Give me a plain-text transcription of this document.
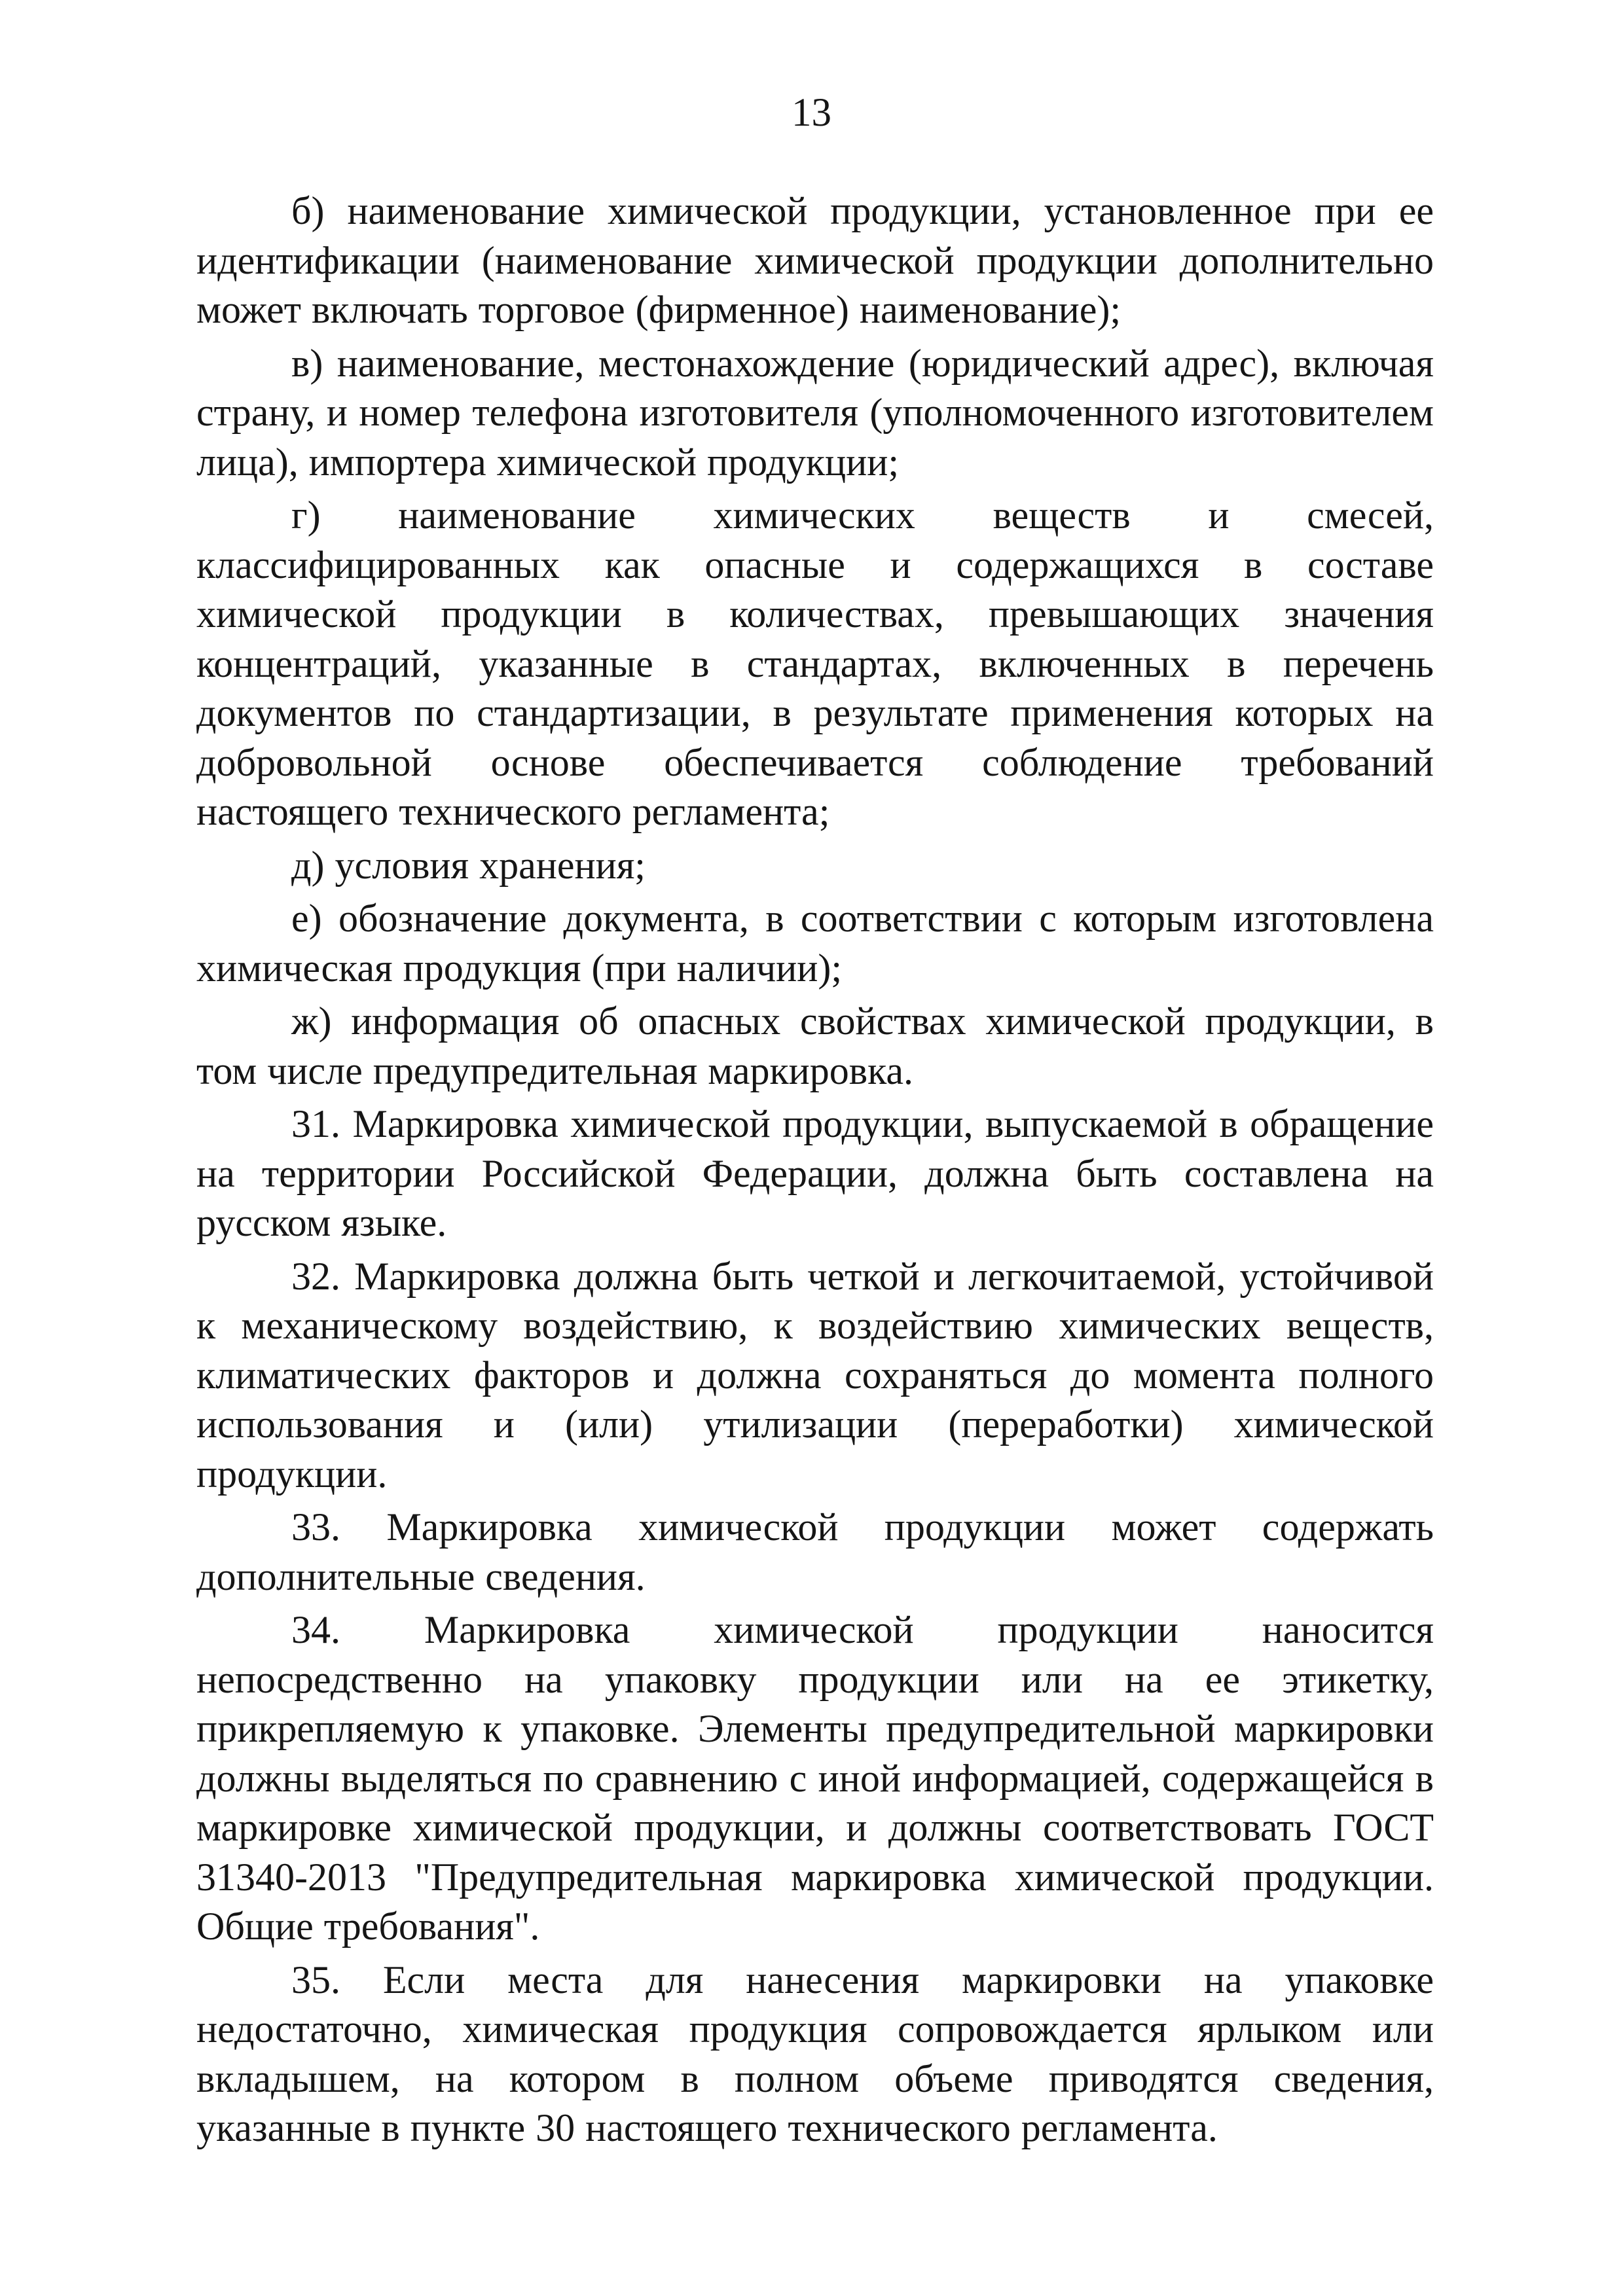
13

б) наименование химической продукции, установленное при ее идентификации (наименование химической продукции дополнительно может включать торговое (фирменное) наименование);

в) наименование, местонахождение (юридический адрес), включая страну, и номер телефона изготовителя (уполномоченного изготовителем лица), импортера химической продукции;

г) наименование химических веществ и смесей, классифицированных как опасные и содержащихся в составе химической продукции в количествах, превышающих значения концентраций, указанные в стандартах, включенных в перечень документов по стандартизации, в результате применения которых на добровольной основе обеспечивается соблюдение требований настоящего технического регламента;

д) условия хранения;

е) обозначение документа, в соответствии с которым изготовлена химическая продукция (при наличии);

ж) информация об опасных свойствах химической продукции, в том числе предупредительная маркировка.

31. Маркировка химической продукции, выпускаемой в обращение на территории Российской Федерации, должна быть составлена на русском языке.

32. Маркировка должна быть четкой и легкочитаемой, устойчивой к механическому воздействию, к воздействию химических веществ, климатических факторов и должна сохраняться до момента полного использования и (или) утилизации (переработки) химической продукции.

33. Маркировка химической продукции может содержать дополнительные сведения.

34. Маркировка химической продукции наносится непосредственно на упаковку продукции или на ее этикетку, прикрепляемую к упаковке. Элементы предупредительной маркировки должны выделяться по сравнению с иной информацией, содержащейся в маркировке химической продукции, и должны соответствовать ГОСТ 31340-2013 "Предупредительная маркировка химической продукции. Общие требования".

35. Если места для нанесения маркировки на упаковке недостаточно, химическая продукция сопровождается ярлыком или вкладышем, на котором в полном объеме приводятся сведения, указанные в пункте 30 настоящего технического регламента.
